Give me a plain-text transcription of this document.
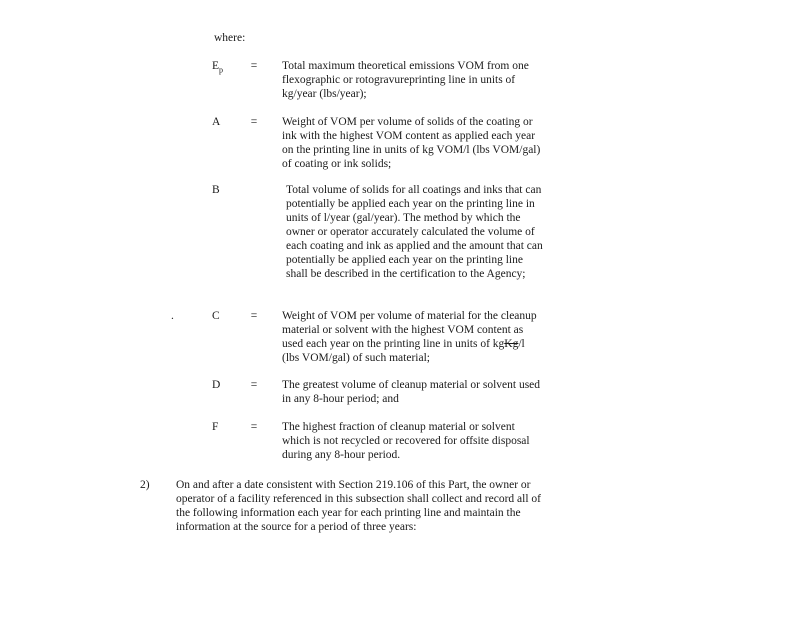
where:
$E_p$	=	Total maximum theoretical emissions VOM from one flexographic or rotogravureprinting line in units of kg/year (lbs/year);

A	=	Weight of VOM per volume of solids of the coating or ink with the highest VOM content as applied each year on the printing line in units of kg VOM/l (lbs VOM/gal) of coating or ink solids;

B	Total volume of solids for all coatings and inks that can potentially be applied each year on the printing line in units of l/year (gal/year). The method by which the owner or operator accurately calculated the volume of each coating and ink as applied and the amount that can potentially be applied each year on the printing line shall be described in the certification to the Agency;

.	C	=	Weight of VOM per volume of material for the cleanup material or solvent with the highest VOM content as used each year on the printing line in units of kgKg/l (lbs VOM/gal) of such material;

D	=	The greatest volume of cleanup material or solvent used in any 8-hour period; and

F	=	The highest fraction of cleanup material or solvent which is not recycled or recovered for offsite disposal during any 8-hour period.

2) On and after a date consistent with Section 219.106 of this Part, the owner or operator of a facility referenced in this subsection shall collect and record all of the following information each year for each printing line and maintain the information at the source for a period of three years:
